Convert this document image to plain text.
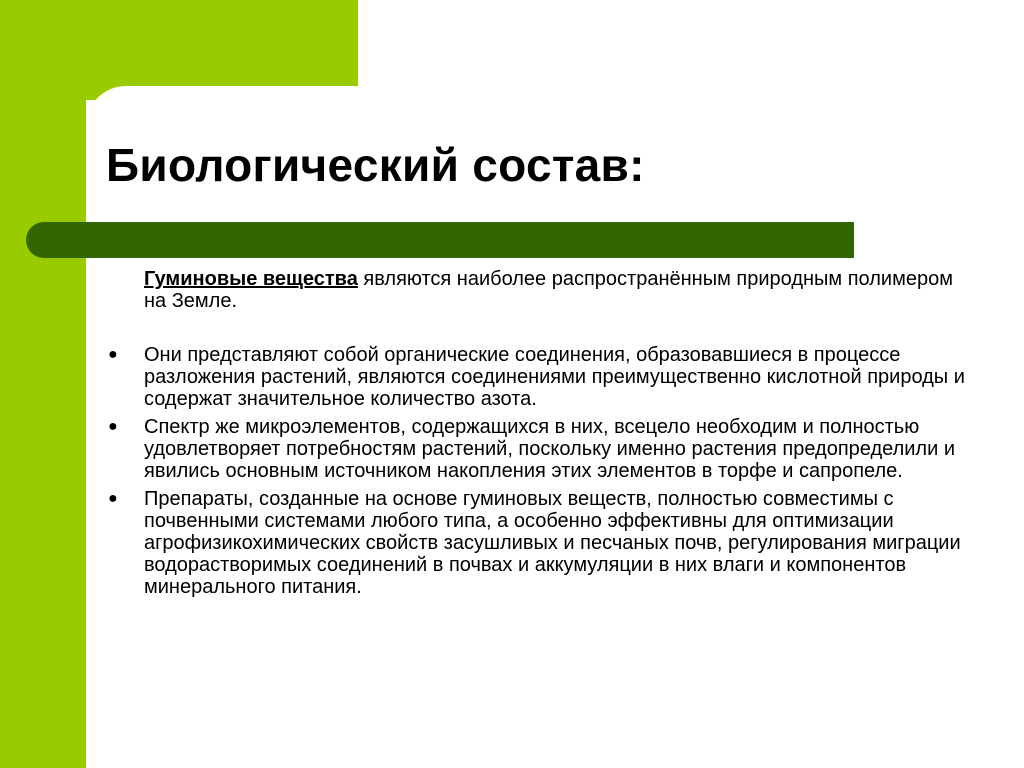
Биологический состав:

Гуминовые вещества являются наиболее распространённым природным полимером на Земле.

● Они представляют собой органические соединения, образовавшиеся в процессе разложения растений, являются соединениями преимущественно кислотной природы и содержат значительное количество азота.
● Спектр же микроэлементов, содержащихся в них, всецело необходим и полностью удовлетворяет потребностям растений, поскольку именно растения предопределили и явились основным источником накопления этих элементов в торфе и сапропеле.
● Препараты, созданные на основе гуминовых веществ, полностью совместимы с почвенными системами любого типа, а особенно эффективны для оптимизации агрофизикохимических свойств засушливых и песчаных почв, регулирования миграции водорастворимых соединений в почвах и аккумуляции в них влаги и компонентов минерального питания.
